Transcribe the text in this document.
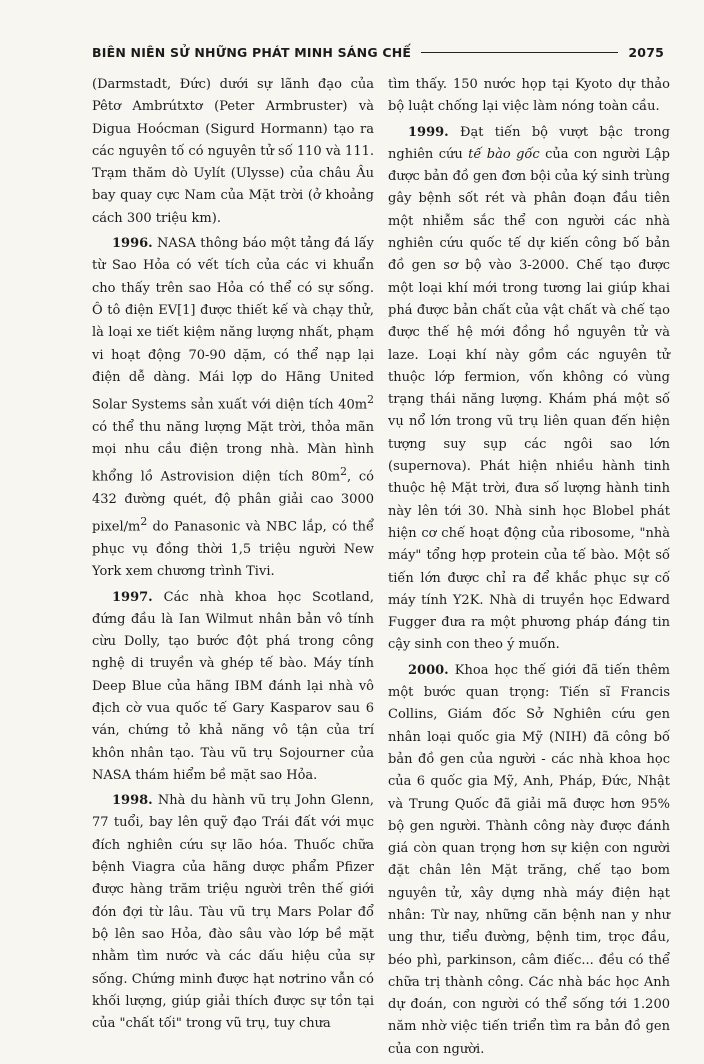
BIÊN NIÊN SỬ NHỮNG PHÁT MINH SÁNG CHẾ	2075

(Darmstadt, Đức) dưới sự lãnh đạo của Pêtơ Ambrútxtơ (Peter Armbruster) và Digua Hoócman (Sigurd Hormann) tạo ra các nguyên tố có nguyên tử số 110 và 111. Trạm thăm dò Uylít (Ulysse) của châu Âu bay quay cực Nam của Mặt trời (ở khoảng cách 300 triệu km).

1996. NASA thông báo một tảng đá lấy từ Sao Hỏa có vết tích của các vi khuẩn cho thấy trên sao Hỏa có thể có sự sống. Ô tô điện EV[1] được thiết kế và chạy thử, là loại xe tiết kiệm năng lượng nhất, phạm vi hoạt động 70-90 dặm, có thể nạp lại điện dễ dàng. Mái lợp do Hãng United Solar Systems sản xuất với diện tích $40m^2$ có thể thu năng lượng Mặt trời, thỏa mãn mọi nhu cầu điện trong nhà. Màn hình khổng lồ Astrovision diện tích $80m^2$, có 432 đường quét, độ phân giải cao 3000 pixel/$m^2$ do Panasonic và NBC lắp, có thể phục vụ đồng thời 1,5 triệu người New York xem chương trình Tivi.

1997. Các nhà khoa học Scotland, đứng đầu là Ian Wilmut nhân bản vô tính cừu Dolly, tạo bước đột phá trong công nghệ di truyền và ghép tế bào. Máy tính Deep Blue của hãng IBM đánh lại nhà vô địch cờ vua quốc tế Gary Kasparov sau 6 ván, chứng tỏ khả năng vô tận của trí khôn nhân tạo. Tàu vũ trụ Sojourner của NASA thám hiểm bề mặt sao Hỏa.

1998. Nhà du hành vũ trụ John Glenn, 77 tuổi, bay lên quỹ đạo Trái đất với mục đích nghiên cứu sự lão hóa. Thuốc chữa bệnh Viagra của hãng dược phẩm Pfizer được hàng trăm triệu người trên thế giới đón đợi từ lâu. Tàu vũ trụ Mars Polar đổ bộ lên sao Hỏa, đào sâu vào lớp bề mặt nhằm tìm nước và các dấu hiệu của sự sống. Chứng minh được hạt nơtrino vẫn có khối lượng, giúp giải thích được sự tồn tại của "chất tối" trong vũ trụ, tuy chưa

tìm thấy. 150 nước họp tại Kyoto dự thảo bộ luật chống lại việc làm nóng toàn cầu.

1999. Đạt tiến bộ vượt bậc trong nghiên cứu tế bào gốc của con người Lập được bản đồ gen đơn bội của ký sinh trùng gây bệnh sốt rét và phân đoạn đầu tiên một nhiễm sắc thể con người các nhà nghiên cứu quốc tế dự kiến công bố bản đồ gen sơ bộ vào 3-2000. Chế tạo được một loại khí mới trong tương lai giúp khai phá được bản chất của vật chất và chế tạo được thế hệ mới đồng hồ nguyên tử và laze. Loại khí này gồm các nguyên tử thuộc lớp fermion, vốn không có vùng trạng thái năng lượng. Khám phá một số vụ nổ lớn trong vũ trụ liên quan đến hiện tượng suy sụp các ngôi sao lớn (supernova). Phát hiện nhiều hành tinh thuộc hệ Mặt trời, đưa số lượng hành tinh này lên tới 30. Nhà sinh học Blobel phát hiện cơ chế hoạt động của ribosome, "nhà máy" tổng hợp protein của tế bào. Một số tiến lớn được chỉ ra để khắc phục sự cố máy tính Y2K. Nhà di truyền học Edward Fugger đưa ra một phương pháp đáng tin cậy sinh con theo ý muốn.

2000. Khoa học thế giới đã tiến thêm một bước quan trọng: Tiến sĩ Francis Collins, Giám đốc Sở Nghiên cứu gen nhân loại quốc gia Mỹ (NIH) đã công bố bản đồ gen của người - các nhà khoa học của 6 quốc gia Mỹ, Anh, Pháp, Đức, Nhật và Trung Quốc đã giải mã được hơn 95% bộ gen người. Thành công này được đánh giá còn quan trọng hơn sự kiện con người đặt chân lên Mặt trăng, chế tạo bom nguyên tử, xây dựng nhà máy điện hạt nhân: Từ nay, những căn bệnh nan y như ung thư, tiểu đường, bệnh tim, trọc đầu, béo phì, parkinson, câm điếc... đều có thể chữa trị thành công. Các nhà bác học Anh dự đoán, con người có thể sống tới 1.200 năm nhờ việc tiến triển tìm ra bản đồ gen của con người.
